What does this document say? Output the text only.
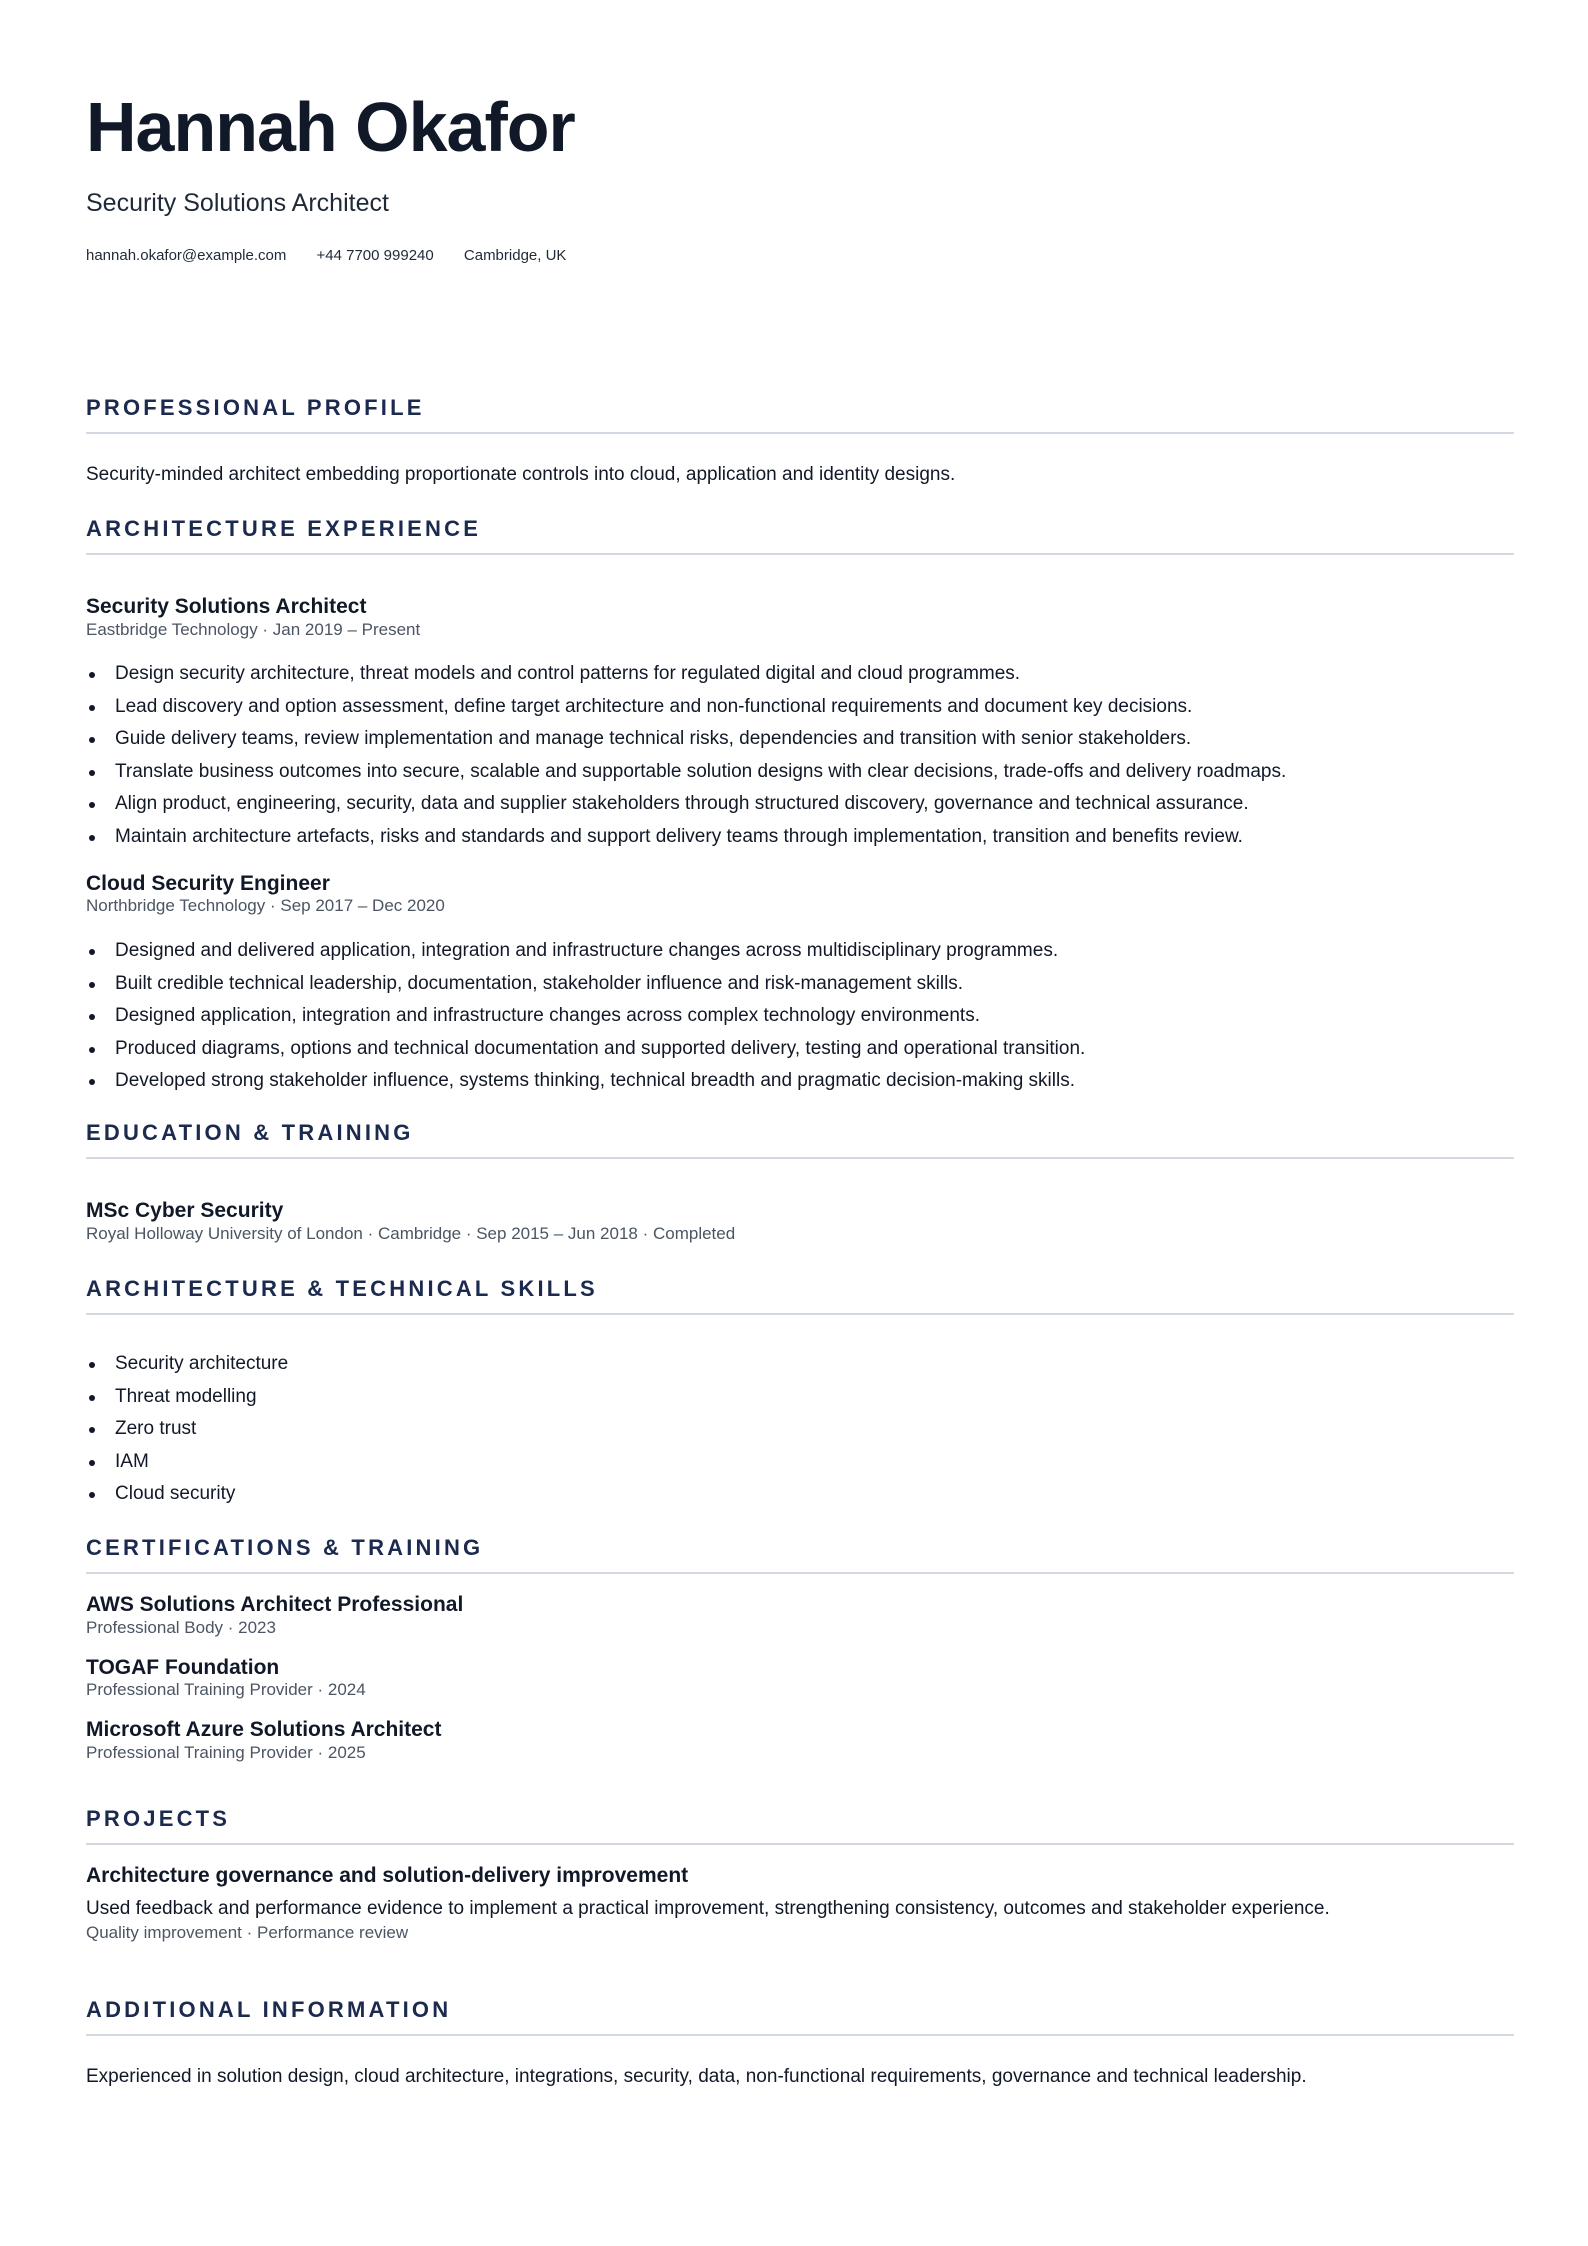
Hannah Okafor
Security Solutions Architect
hannah.okafor@example.com +44 7700 999240 Cambridge, UK
PROFESSIONAL PROFILE
Security-minded architect embedding proportionate controls into cloud, application and identity designs.
ARCHITECTURE EXPERIENCE
Security Solutions Architect
Eastbridge Technology · Jan 2019 – Present
Design security architecture, threat models and control patterns for regulated digital and cloud programmes.
Lead discovery and option assessment, define target architecture and non-functional requirements and document key decisions.
Guide delivery teams, review implementation and manage technical risks, dependencies and transition with senior stakeholders.
Translate business outcomes into secure, scalable and supportable solution designs with clear decisions, trade-offs and delivery roadmaps.
Align product, engineering, security, data and supplier stakeholders through structured discovery, governance and technical assurance.
Maintain architecture artefacts, risks and standards and support delivery teams through implementation, transition and benefits review.
Cloud Security Engineer
Northbridge Technology · Sep 2017 – Dec 2020
Designed and delivered application, integration and infrastructure changes across multidisciplinary programmes.
Built credible technical leadership, documentation, stakeholder influence and risk-management skills.
Designed application, integration and infrastructure changes across complex technology environments.
Produced diagrams, options and technical documentation and supported delivery, testing and operational transition.
Developed strong stakeholder influence, systems thinking, technical breadth and pragmatic decision-making skills.
EDUCATION & TRAINING
MSc Cyber Security
Royal Holloway University of London · Cambridge · Sep 2015 – Jun 2018 · Completed
ARCHITECTURE & TECHNICAL SKILLS
Security architecture
Threat modelling
Zero trust
IAM
Cloud security
CERTIFICATIONS & TRAINING
AWS Solutions Architect Professional
Professional Body · 2023
TOGAF Foundation
Professional Training Provider · 2024
Microsoft Azure Solutions Architect
Professional Training Provider · 2025
PROJECTS
Architecture governance and solution-delivery improvement
Used feedback and performance evidence to implement a practical improvement, strengthening consistency, outcomes and stakeholder experience.
Quality improvement · Performance review
ADDITIONAL INFORMATION
Experienced in solution design, cloud architecture, integrations, security, data, non-functional requirements, governance and technical leadership.
